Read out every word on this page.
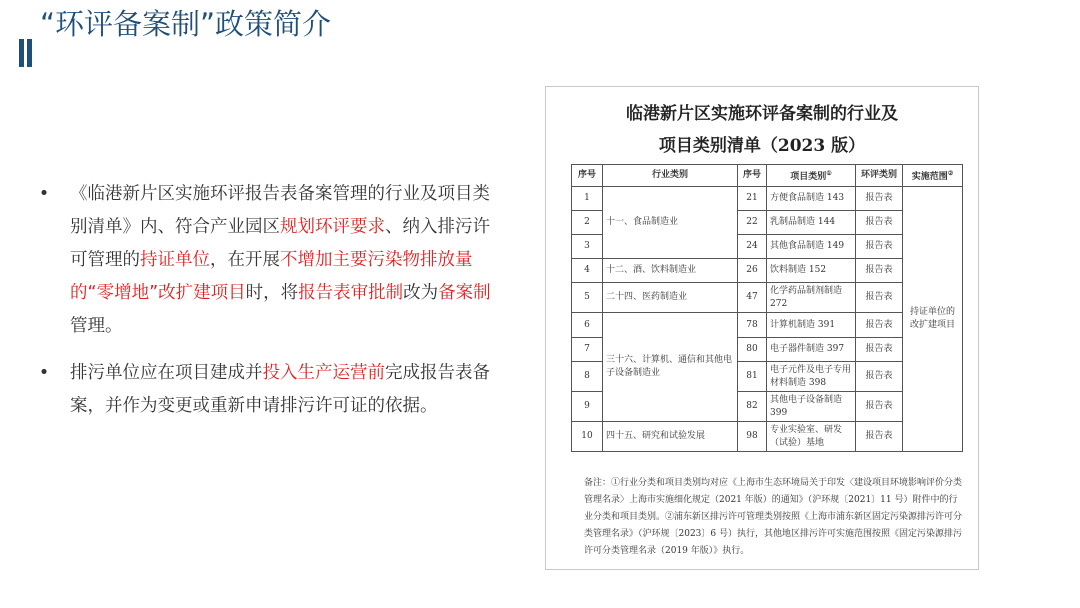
“环评备案制”政策简介
• 《临港新片区实施环评报告表备案管理的行业及项目类别清单》内、符合产业园区规划环评要求、纳入排污许可管理的持证单位，在开展不增加主要污染物排放量的“零增地”改扩建项目时，将报告表审批制改为备案制管理。
• 排污单位应在项目建成并投入生产运营前完成报告表备案，并作为变更或重新申请排污许可证的依据。
临港新片区实施环评备案制的行业及
项目类别清单（2023 版）
序号	行业类别	序号	项目类别①	环评类别	实施范围②
1	十一、食品制造业	21	方便食品制造 143	报告表	持证单位的改扩建项目
2		22	乳制品制造 144	报告表	
3		24	其他食品制造 149	报告表	
4	十二、酒、饮料制造业	26	饮料制造 152	报告表	
5	二十四、医药制造业	47	化学药品制剂制造 272	报告表	
6	三十六、计算机、通信和其他电子设备制造业	78	计算机制造 391	报告表	
7		80	电子器件制造 397	报告表	
8		81	电子元件及电子专用材料制造 398	报告表	
9		82	其他电子设备制造 399	报告表	
10	四十五、研究和试验发展	98	专业实验室、研发（试验）基地	报告表	
备注：①行业分类和项目类别均对应《上海市生态环境局关于印发〈建设项目环境影响评价分类管理名录〉上海市实施细化规定（2021 年版）的通知》（沪环规〔2021〕11 号）附件中的行业分类和项目类别。②浦东新区排污许可管理类别按照《上海市浦东新区固定污染源排污许可分类管理名录》（沪环规〔2023〕6 号）执行，其他地区排污许可实施范围按照《固定污染源排污许可分类管理名录（2019 年版）》执行。
